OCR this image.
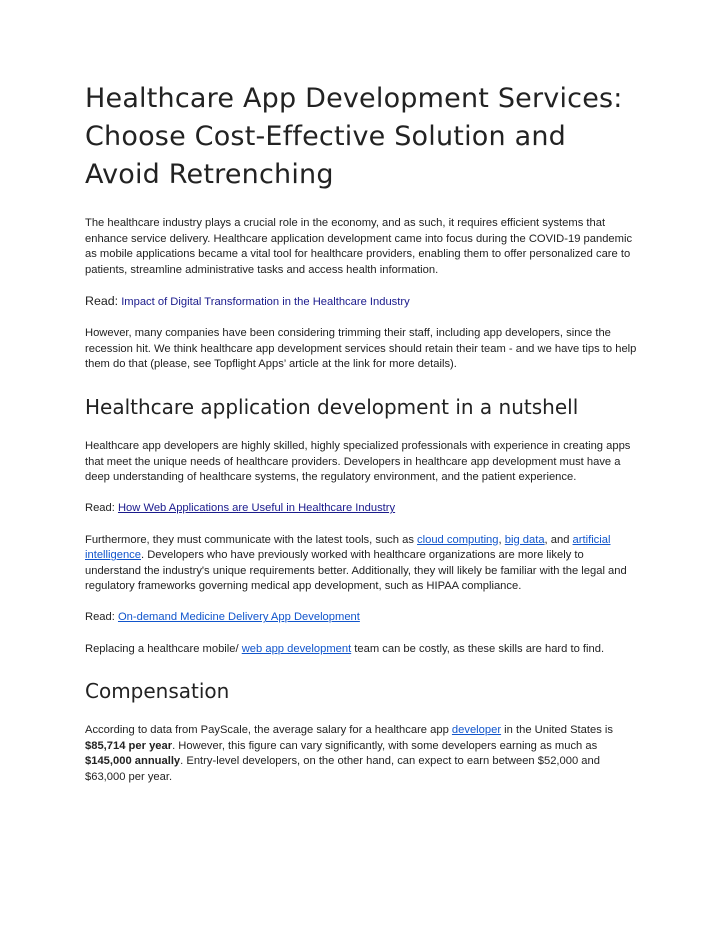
Healthcare App Development Services: Choose Cost-Effective Solution and Avoid Retrenching

The healthcare industry plays a crucial role in the economy, and as such, it requires efficient systems that enhance service delivery. Healthcare application development came into focus during the COVID-19 pandemic as mobile applications became a vital tool for healthcare providers, enabling them to offer personalized care to patients, streamline administrative tasks and access health information.

Read: Impact of Digital Transformation in the Healthcare Industry

However, many companies have been considering trimming their staff, including app developers, since the recession hit. We think healthcare app development services should retain their team - and we have tips to help them do that (please, see Topflight Apps’ article at the link for more details).

Healthcare application development in a nutshell

Healthcare app developers are highly skilled, highly specialized professionals with experience in creating apps that meet the unique needs of healthcare providers. Developers in healthcare app development must have a deep understanding of healthcare systems, the regulatory environment, and the patient experience.

Read: How Web Applications are Useful in Healthcare Industry

Furthermore, they must communicate with the latest tools, such as cloud computing, big data, and artificial intelligence. Developers who have previously worked with healthcare organizations are more likely to understand the industry's unique requirements better. Additionally, they will likely be familiar with the legal and regulatory frameworks governing medical app development, such as HIPAA compliance.

Read: On-demand Medicine Delivery App Development

Replacing a healthcare mobile/ web app development team can be costly, as these skills are hard to find.

Compensation

According to data from PayScale, the average salary for a healthcare app developer in the United States is $85,714 per year. However, this figure can vary significantly, with some developers earning as much as $145,000 annually. Entry-level developers, on the other hand, can expect to earn between $52,000 and $63,000 per year.
